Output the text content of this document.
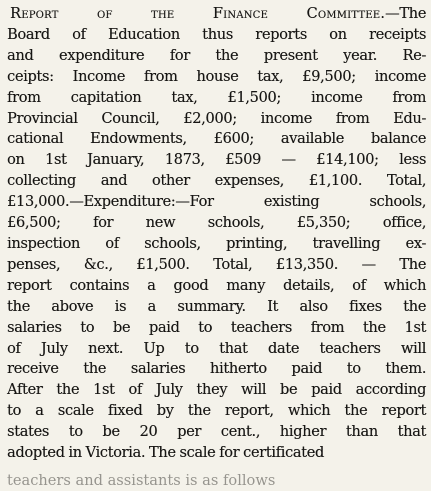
Report of the Finance Committee.—The
Board of Education thus reports on receipts
and expenditure for the present year. Re-
ceipts: Income from house tax, £9,500; income
from capitation tax, £1,500; income from
Provincial Council, £2,000; income from Edu-
cational Endowments, £600; available balance
on 1st January, 1873, £509 — £14,100; less
collecting and other expenses, £1,100. Total,
£13,000.—Expenditure:—For existing schools,
£6,500; for new schools, £5,350; office,
inspection of schools, printing, travelling ex-
penses, &c., £1,500. Total, £13,350. — The
report contains a good many details, of which
the above is a summary. It also fixes the
salaries to be paid to teachers from the 1st
of July next. Up to that date teachers will
receive the salaries hitherto paid to them.
After the 1st of July they will be paid according
to a scale fixed by the report, which the report
states to be 20 per cent., higher than that
adopted in Victoria. The scale for certificated
teachers and assistants is as follows
